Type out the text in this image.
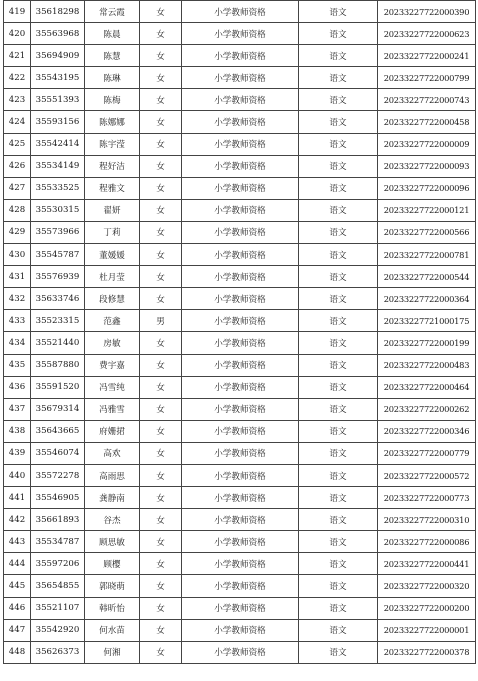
419	35618298	常云霞	女	小学教师资格	语文	20233227722000390
420	35563968	陈晨	女	小学教师资格	语文	20233227722000623
421	35694909	陈慧	女	小学教师资格	语文	20233227722000241
422	35543195	陈琳	女	小学教师资格	语文	20233227722000799
423	35551393	陈梅	女	小学教师资格	语文	20233227722000743
424	35593156	陈娜娜	女	小学教师资格	语文	20233227722000458
425	35542414	陈宇滢	女	小学教师资格	语文	20233227722000009
426	35534149	程好洁	女	小学教师资格	语文	20233227722000093
427	35533525	程雅文	女	小学教师资格	语文	20233227722000096
428	35530315	翟妍	女	小学教师资格	语文	20233227722000121
429	35573966	丁莉	女	小学教师资格	语文	20233227722000566
430	35545787	董媛媛	女	小学教师资格	语文	20233227722000781
431	35576939	杜月莹	女	小学教师资格	语文	20233227722000544
432	35633746	段修慧	女	小学教师资格	语文	20233227722000364
433	35523315	范鑫	男	小学教师资格	语文	20233227721000175
434	35521440	房敏	女	小学教师资格	语文	20233227722000199
435	35587880	费宇嘉	女	小学教师资格	语文	20233227722000483
436	35591520	冯雪纯	女	小学教师资格	语文	20233227722000464
437	35679314	冯雅雪	女	小学教师资格	语文	20233227722000262
438	35643665	府姗捃	女	小学教师资格	语文	20233227722000346
439	35546074	高欢	女	小学教师资格	语文	20233227722000779
440	35572278	高雨思	女	小学教师资格	语文	20233227722000572
441	35546905	龚静南	女	小学教师资格	语文	20233227722000773
442	35661893	谷杰	女	小学教师资格	语文	20233227722000310
443	35534787	顾思敏	女	小学教师资格	语文	20233227722000086
444	35597206	顾樱	女	小学教师资格	语文	20233227722000441
445	35654855	郭晓萌	女	小学教师资格	语文	20233227722000320
446	35521107	韩昕怡	女	小学教师资格	语文	20233227722000200
447	35542920	何水苗	女	小学教师资格	语文	20233227722000001
448	35626373	何湘	女	小学教师资格	语文	20233227722000378
